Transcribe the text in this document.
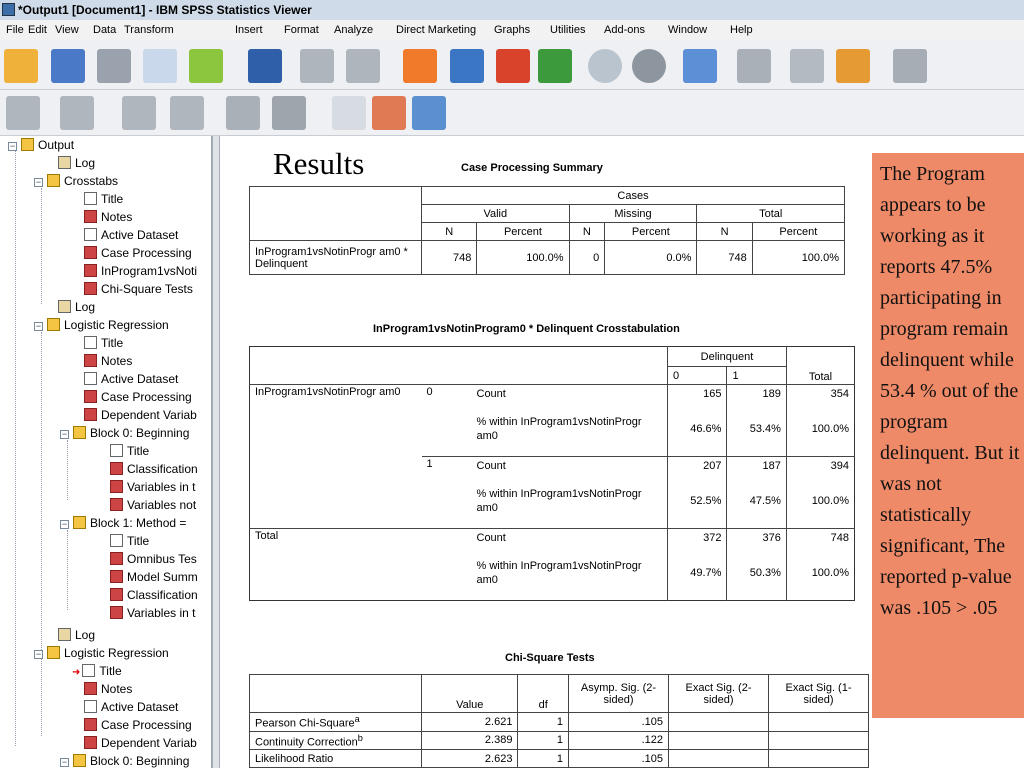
*Output1 [Document1] - IBM SPSS Statistics Viewer
File Edit View Data Transform	Insert Format Analyze Direct Marketing Graphs Utilities Add-ons Window Help
− Output
Log
− Crosstabs
Title
Notes
Active Dataset
Case Processing
InProgram1vsNoti
Chi-Square Tests
Log
− Logistic Regression
Title
Notes
Active Dataset
Case Processing
Dependent Variab
− Block 0: Beginning
Title
Classification
Variables in t
Variables not
− Block 1: Method =
Title
Omnibus Tes
Model Summ
Classification
Variables in t
Log
− Logistic Regression
➜ Title
Notes
Active Dataset
Case Processing
Dependent Variab
− Block 0: Beginning
Results	Case Processing Summary
	Cases					
	Valid		Missing		Total	
	N	Percent	N	Percent	N	Percent
InProgram1vsNotinProgr am0 * Delinquent	748	100.0%	0	0.0%	748	100.0%
InProgram1vsNotinProgram0 * Delinquent Crosstabulation
			Delinquent		Total
			0	1	
InProgram1vsNotinProgr am0	0	Count	165	189	354
		% within InProgram1vsNotinProgr am0	46.6%	53.4%	100.0%
	1	Count	207	187	394
		% within InProgram1vsNotinProgr am0	52.5%	47.5%	100.0%
Total		Count	372	376	748
		% within InProgram1vsNotinProgr am0	49.7%	50.3%	100.0%
Chi-Square Tests
	Value	df	Asymp. Sig. (2-sided)	Exact Sig. (2-sided)	Exact Sig. (1-sided)
Pearson Chi-Square$^a$	2.621	1	.105		
Continuity Correction$^b$	2.389	1	.122		
Likelihood Ratio	2.623	1	.105		
The Program appears to be working as it reports 47.5% participating in program remain delinquent while 53.4 % out of the program delinquent. But it was not statistically significant, The reported p-value was .105 > .05
